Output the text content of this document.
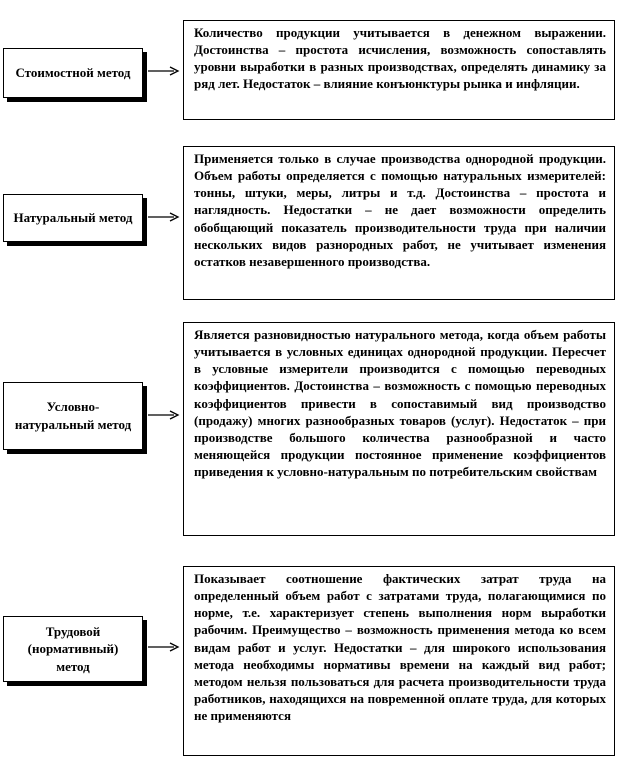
Стоимостной метод
Количество продукции учитывается в денежном выражении. Достоинства – простота исчисления, возможность сопоставлять уровни выработки в разных производствах, определять динамику за ряд лет. Недостаток – влияние конъюнктуры рынка и инфляции.
Натуральный метод
Применяется только в случае производства однородной продукции. Объем работы определяется с помощью натуральных измерителей: тонны, штуки, меры, литры и т.д. Достоинства – простота и наглядность. Недостатки – не дает возможности определить обобщающий показатель производительности труда при наличии нескольких видов разнородных работ, не учитывает изменения остатков незавершенного производства.
Условно-натуральный метод
Является разновидностью натурального метода, когда объем работы учитывается в условных единицах однородной продукции. Пересчет в условные измерители производится с помощью переводных коэффициентов. Достоинства – возможность с помощью переводных коэффициентов привести в сопоставимый вид производство (продажу) многих разнообразных товаров (услуг). Недостаток – при производстве большого количества разнообразной и часто меняющейся продукции постоянное применение коэффициентов приведения к условно-натуральным по потребительским свойствам
Трудовой (нормативный) метод
Показывает соотношение фактических затрат труда на определенный объем работ с затратами труда, полагающимися по норме, т.е. характеризует степень выполнения норм выработки рабочим. Преимущество – возможность применения метода ко всем видам работ и услуг. Недостатки – для широкого использования метода необходимы нормативы времени на каждый вид работ; методом нельзя пользоваться для расчета производительности труда работников, находящихся на повременной оплате труда, для которых не применяются
